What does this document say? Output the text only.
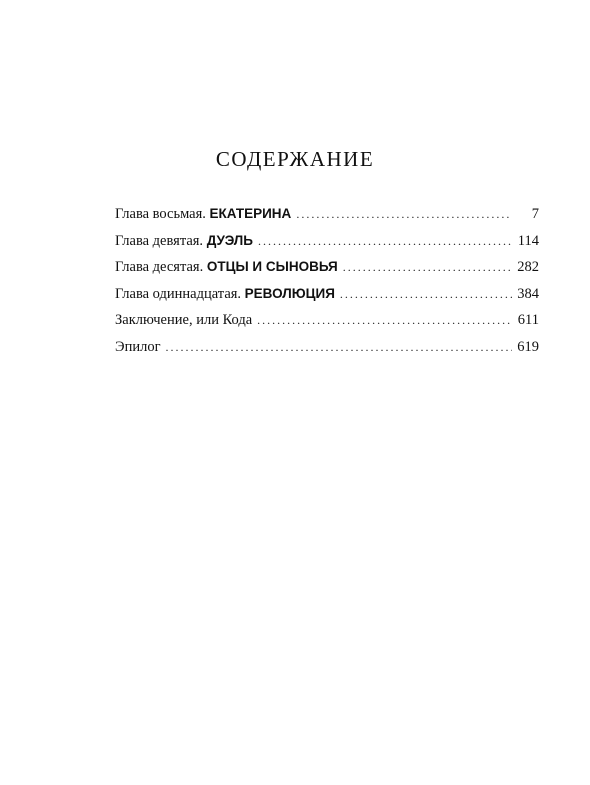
СОДЕРЖАНИЕ
Глава восьмая. ЕКАТЕРИНА . . .	7
Глава девятая. ДУЭЛЬ . . .	114
Глава десятая. ОТЦЫ И СЫНОВЬЯ . . .	282
Глава одиннадцатая. РЕВОЛЮЦИЯ . . .	384
Заключение, или Кода . . .	611
Эпилог . . .	619
